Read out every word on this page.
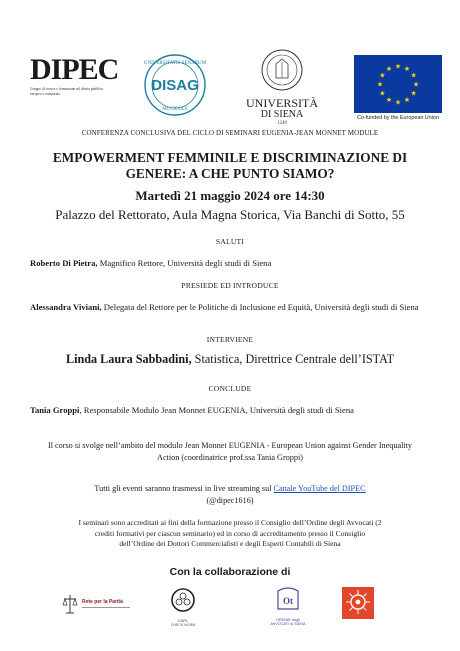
DIPEC
Gruppo di ricerca e formazione sul diritto pubblico europeo e comparato	DISAG
UNIVERSITATIS SENARUM
MCCXXXX	UNIVERSITÀ
DI SIENA
1240
★ ★
★
★
★
★
★
★
★
★
★
★
Co-funded by the European Union
CONFERENZA CONCLUSIVA DEL CICLO DI SEMINARI EUGENIA-JEAN MONNET MODULE
EMPOWERMENT FEMMINILE E DISCRIMINAZIONE DI
GENERE: A CHE PUNTO SIAMO?
Martedì 21 maggio 2024 ore 14:30
Palazzo del Rettorato, Aula Magna Storica, Via Banchi di Sotto, 55
SALUTI
Roberto Di Pietra, Magnifico Rettore, Università degli studi di Siena
PRESIEDE ED INTRODUCE
Alessandra Viviani, Delegata del Rettore per le Politiche di Inclusione ed Equità, Università degli studi di Siena
INTERVIENE
Linda Laura Sabbadini, Statistica, Direttrice Centrale dell’ISTAT
CONCLUDE
Tania Groppi, Responsabile Modulo Jean Monnet EUGENIA, Università degli studi di Siena
Il corso si svolge nell’ambito del modulo Jean Monnet EUGENIA - European Union against Gender Inequality
Action (coordinatrice prof.ssa Tania Groppi)
Tutti gli eventi saranno trasmessi in live streaming sul Canale YouTube del DIPEC
(@dipec1616)
I seminari sono accreditati ai fini della formazione presso il Consiglio dell’Ordine degli Avvocati (2
crediti formativi per ciascun seminario) ed in corso di accreditamento presso il Consiglio
dell’Ordine dei Dottori Commercialisti e degli Esperti Contabili di Siena
Con la collaborazione di
Rete per la Parità
CAFL
CHECK NORM
Ot
ORDINE degli AVVOCATI di SIENA
